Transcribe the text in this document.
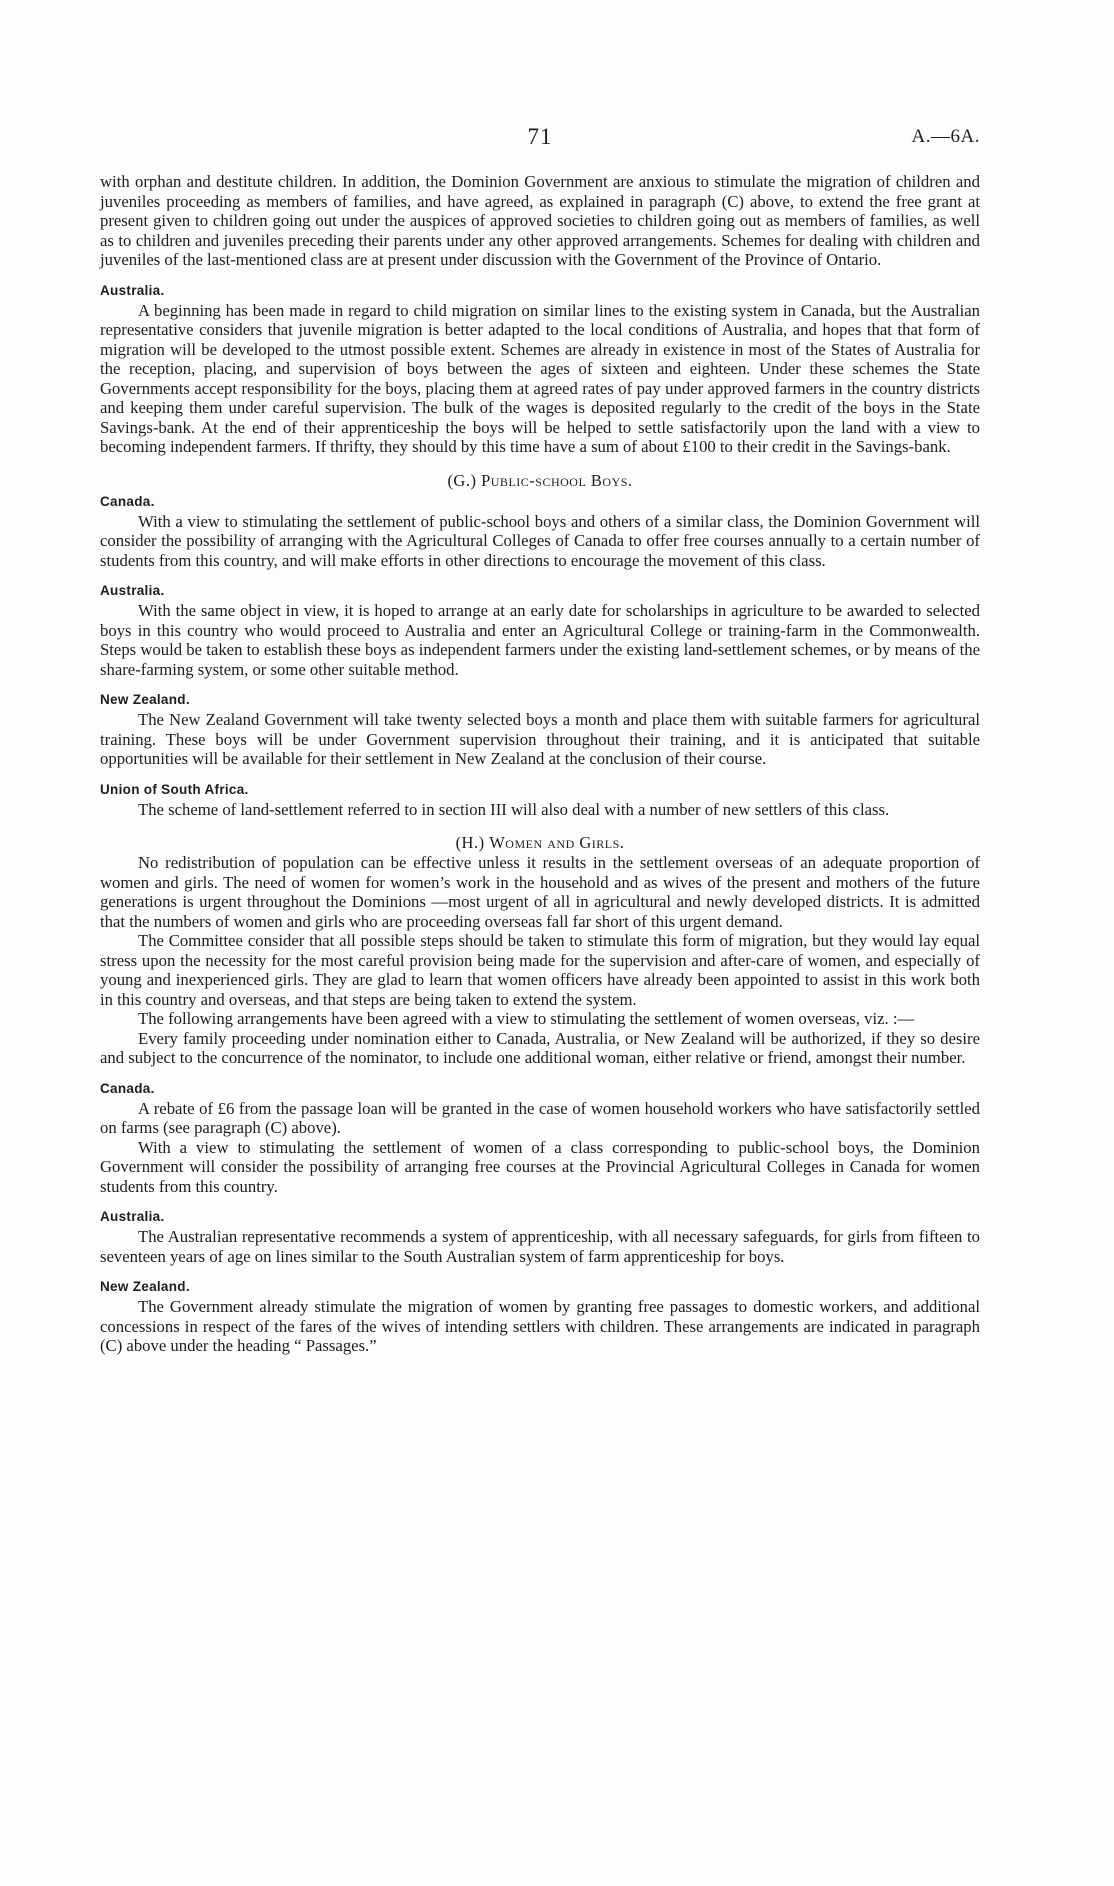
71	A.—6A.

with orphan and destitute children. In addition, the Dominion Government are anxious to stimulate the migration of children and juveniles proceeding as members of families, and have agreed, as explained in paragraph (C) above, to extend the free grant at present given to children going out under the auspices of approved societies to children going out as members of families, as well as to children and juveniles preceding their parents under any other approved arrangements. Schemes for dealing with children and juveniles of the last-mentioned class are at present under discussion with the Government of the Province of Ontario.

Australia.

A beginning has been made in regard to child migration on similar lines to the existing system in Canada, but the Australian representative considers that juvenile migration is better adapted to the local conditions of Australia, and hopes that that form of migration will be developed to the utmost possible extent. Schemes are already in existence in most of the States of Australia for the reception, placing, and supervision of boys between the ages of sixteen and eighteen. Under these schemes the State Governments accept responsibility for the boys, placing them at agreed rates of pay under approved farmers in the country districts and keeping them under careful supervision. The bulk of the wages is deposited regularly to the credit of the boys in the State Savings-bank. At the end of their apprenticeship the boys will be helped to settle satisfactorily upon the land with a view to becoming independent farmers. If thrifty, they should by this time have a sum of about £100 to their credit in the Savings-bank.

(G.) Public-school Boys.
Canada.

With a view to stimulating the settlement of public-school boys and others of a similar class, the Dominion Government will consider the possibility of arranging with the Agricultural Colleges of Canada to offer free courses annually to a certain number of students from this country, and will make efforts in other directions to encourage the movement of this class.

Australia.

With the same object in view, it is hoped to arrange at an early date for scholarships in agriculture to be awarded to selected boys in this country who would proceed to Australia and enter an Agricultural College or training-farm in the Commonwealth. Steps would be taken to establish these boys as independent farmers under the existing land-settlement schemes, or by means of the share-farming system, or some other suitable method.

New Zealand.

The New Zealand Government will take twenty selected boys a month and place them with suitable farmers for agricultural training. These boys will be under Government supervision throughout their training, and it is anticipated that suitable opportunities will be available for their settlement in New Zealand at the conclusion of their course.

Union of South Africa.

The scheme of land-settlement referred to in section III will also deal with a number of new settlers of this class.

(H.) Women and Girls.

No redistribution of population can be effective unless it results in the settlement overseas of an adequate proportion of women and girls. The need of women for women’s work in the household and as wives of the present and mothers of the future generations is urgent throughout the Dominions —most urgent of all in agricultural and newly developed districts. It is admitted that the numbers of women and girls who are proceeding overseas fall far short of this urgent demand.

The Committee consider that all possible steps should be taken to stimulate this form of migration, but they would lay equal stress upon the necessity for the most careful provision being made for the supervision and after-care of women, and especially of young and inexperienced girls. They are glad to learn that women officers have already been appointed to assist in this work both in this country and overseas, and that steps are being taken to extend the system.

The following arrangements have been agreed with a view to stimulating the settlement of women overseas, viz. :—

Every family proceeding under nomination either to Canada, Australia, or New Zealand will be authorized, if they so desire and subject to the concurrence of the nominator, to include one additional woman, either relative or friend, amongst their number.

Canada.

A rebate of £6 from the passage loan will be granted in the case of women household workers who have satisfactorily settled on farms (see paragraph (C) above).

With a view to stimulating the settlement of women of a class corresponding to public-school boys, the Dominion Government will consider the possibility of arranging free courses at the Provincial Agricultural Colleges in Canada for women students from this country.

Australia.

The Australian representative recommends a system of apprenticeship, with all necessary safeguards, for girls from fifteen to seventeen years of age on lines similar to the South Australian system of farm apprenticeship for boys.

New Zealand.

The Government already stimulate the migration of women by granting free passages to domestic workers, and additional concessions in respect of the fares of the wives of intending settlers with children. These arrangements are indicated in paragraph (C) above under the heading “ Passages.”
